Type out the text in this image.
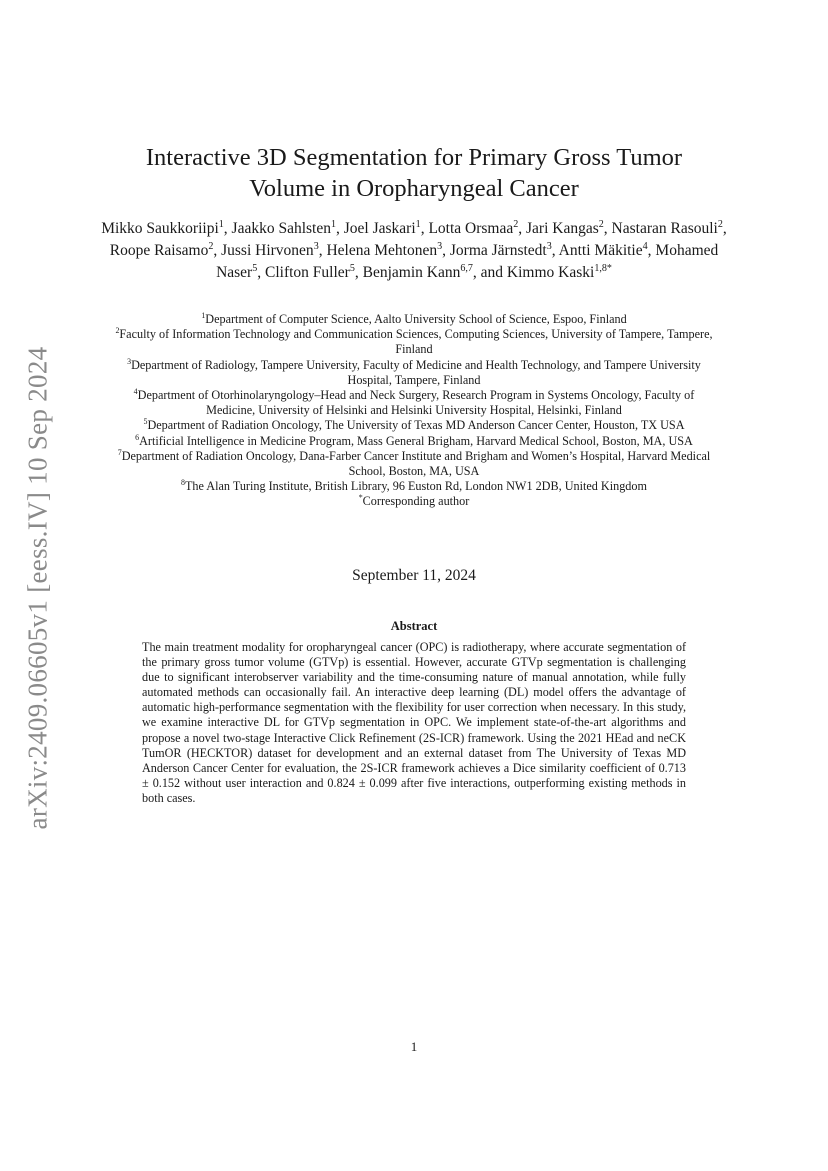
arXiv:2409.06605v1 [eess.IV] 10 Sep 2024
Interactive 3D Segmentation for Primary Gross Tumor
Volume in Oropharyngeal Cancer
Mikko Saukkoriipi$^1$, Jaakko Sahlsten$^1$, Joel Jaskari$^1$, Lotta Orsmaa$^2$, Jari Kangas$^2$, Nastaran Rasouli$^2$, Roope Raisamo$^2$, Jussi Hirvonen$^3$, Helena Mehtonen$^3$, Jorma Järnstedt$^3$, Antti Mäkitie$^4$, Mohamed Naser$^5$, Clifton Fuller$^5$, Benjamin Kann$^{6,7}$, and Kimmo Kaski$^{1,8*}$
$^1$Department of Computer Science, Aalto University School of Science, Espoo, Finland
$^2$Faculty of Information Technology and Communication Sciences, Computing Sciences, University of Tampere, Tampere, Finland
$^3$Department of Radiology, Tampere University, Faculty of Medicine and Health Technology, and Tampere University Hospital, Tampere, Finland
$^4$Department of Otorhinolaryngology–Head and Neck Surgery, Research Program in Systems Oncology, Faculty of Medicine, University of Helsinki and Helsinki University Hospital, Helsinki, Finland
$^5$Department of Radiation Oncology, The University of Texas MD Anderson Cancer Center, Houston, TX USA
$^6$Artificial Intelligence in Medicine Program, Mass General Brigham, Harvard Medical School, Boston, MA, USA
$^7$Department of Radiation Oncology, Dana-Farber Cancer Institute and Brigham and Women’s Hospital, Harvard Medical School, Boston, MA, USA
$^8$The Alan Turing Institute, British Library, 96 Euston Rd, London NW1 2DB, United Kingdom
*Corresponding author
September 11, 2024
Abstract
The main treatment modality for oropharyngeal cancer (OPC) is radiotherapy, where accurate segmentation of the primary gross tumor volume (GTVp) is essential. However, accurate GTVp segmentation is challenging due to significant interobserver variability and the time-consuming nature of manual annotation, while fully automated methods can occasionally fail. An interactive deep learning (DL) model offers the advantage of automatic high-performance segmentation with the flexibility for user correction when necessary. In this study, we examine interactive DL for GTVp segmentation in OPC. We implement state-of-the-art algorithms and propose a novel two-stage Interactive Click Refinement (2S-ICR) framework. Using the 2021 HEad and neCK TumOR (HECKTOR) dataset for development and an external dataset from The University of Texas MD Anderson Cancer Center for evaluation, the 2S-ICR framework achieves a Dice similarity coefficient of 0.713 ± 0.152 without user interaction and 0.824 ± 0.099 after five interactions, outperforming existing methods in both cases.
1
